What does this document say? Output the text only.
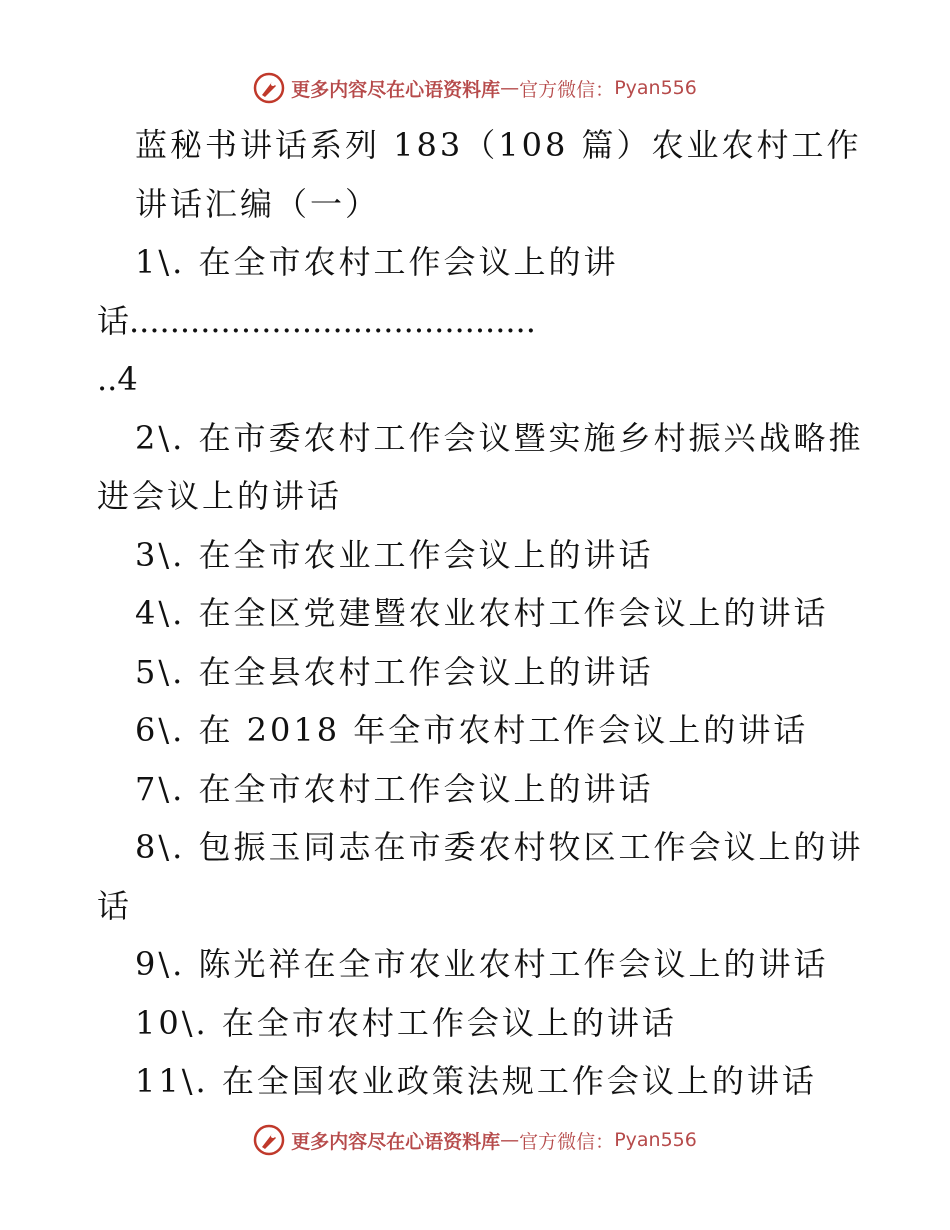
更多内容尽在心语资料库 — 官方微信： Pyan556
蓝秘书讲话系列 183（108 篇）农业农村工作
讲话汇编（一）
1\. 在全市农村工作会议上的讲
话........................................
..4
2\. 在市委农村工作会议暨实施乡村振兴战略推
进会议上的讲话
3\. 在全市农业工作会议上的讲话
4\. 在全区党建暨农业农村工作会议上的讲话
5\. 在全县农村工作会议上的讲话
6\. 在 2018 年全市农村工作会议上的讲话
7\. 在全市农村工作会议上的讲话
8\. 包振玉同志在市委农村牧区工作会议上的讲
话
9\. 陈光祥在全市农业农村工作会议上的讲话
10\. 在全市农村工作会议上的讲话
11\. 在全国农业政策法规工作会议上的讲话
更多内容尽在心语资料库 — 官方微信： Pyan556
